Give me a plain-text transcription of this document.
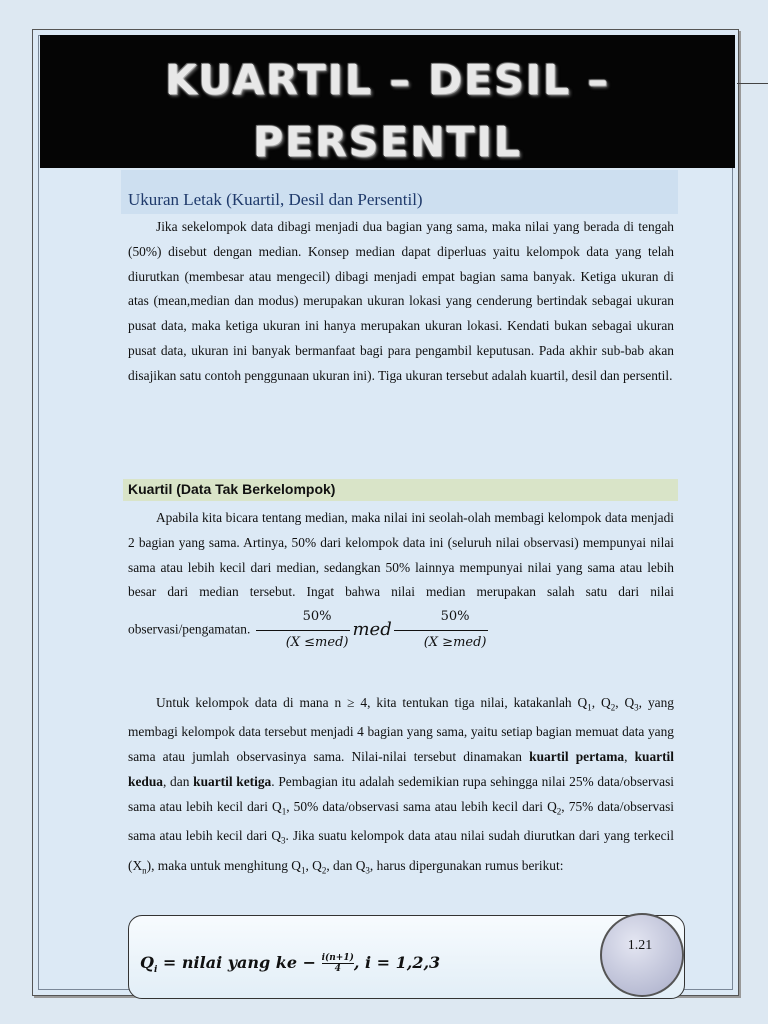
KUARTIL – DESIL –
PERSENTIL
Ukuran Letak (Kuartil, Desil dan Persentil)
Jika sekelompok data dibagi menjadi dua bagian yang sama, maka nilai yang berada di tengah (50%) disebut dengan median. Konsep median dapat diperluas yaitu kelompok data yang telah diurutkan (membesar atau mengecil) dibagi menjadi empat bagian sama banyak. Ketiga ukuran di atas (mean,median dan modus) merupakan ukuran lokasi yang cenderung bertindak sebagai ukuran pusat data, maka ketiga ukuran ini hanya merupakan ukuran lokasi. Kendati bukan sebagai ukuran pusat data, ukuran ini banyak bermanfaat bagi para pengambil keputusan. Pada akhir sub-bab akan disajikan satu contoh penggunaan ukuran ini). Tiga ukuran tersebut adalah kuartil, desil dan persentil.
Kuartil (Data Tak Berkelompok)
Apabila kita bicara tentang median, maka nilai ini seolah-olah membagi kelompok data menjadi 2 bagian yang sama. Artinya, 50% dari kelompok data ini (seluruh nilai observasi) mempunyai nilai sama atau lebih kecil dari median, sedangkan 50% lainnya mempunyai nilai yang sama atau lebih besar dari median tersebut. Ingat bahwa nilai median merupakan salah satu dari nilai observasi/pengamatan. $\frac{50\%}{\text{(X ≤med)}}$ med $\frac{50\%}{\text{(X ≥med)}}$
Untuk kelompok data di mana n ≥ 4, kita tentukan tiga nilai, katakanlah $Q_1$, $Q_2$, $Q_3$, yang membagi kelompok data tersebut menjadi 4 bagian yang sama, yaitu setiap bagian memuat data yang sama atau jumlah observasinya sama. Nilai-nilai tersebut dinamakan kuartil pertama, kuartil kedua, dan kuartil ketiga. Pembagian itu adalah sedemikian rupa sehingga nilai 25% data/observasi sama atau lebih kecil dari $Q_1$, 50% data/observasi sama atau lebih kecil dari $Q_2$, 75% data/observasi sama atau lebih kecil dari $Q_3$. Jika suatu kelompok data atau nilai sudah diurutkan dari yang terkecil $(X_n)$, maka untuk menghitung $Q_1$, $Q_2$, dan $Q_3$, harus dipergunakan rumus berikut:
$Q_i$ = nilai yang ke − $\frac{i(n+1)}{4}$ , i = 1,2,3
1.21
